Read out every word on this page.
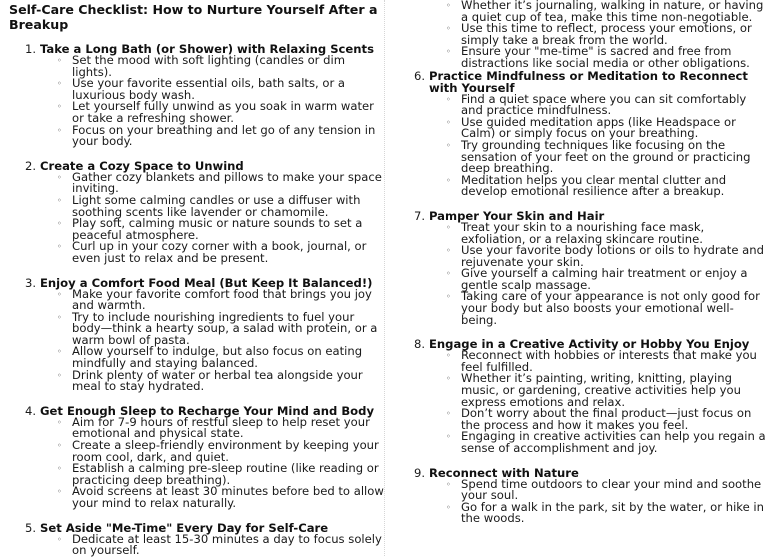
Self-Care Checklist: How to Nurture Yourself After a Breakup
1. Take a Long Bath (or Shower) with Relaxing Scents
◦ Set the mood with soft lighting (candles or dim lights).
◦ Use your favorite essential oils, bath salts, or a luxurious body wash.
◦ Let yourself fully unwind as you soak in warm water or take a refreshing shower.
◦ Focus on your breathing and let go of any tension in your body.
2. Create a Cozy Space to Unwind
◦ Gather cozy blankets and pillows to make your space inviting.
◦ Light some calming candles or use a diffuser with soothing scents like lavender or chamomile.
◦ Play soft, calming music or nature sounds to set a peaceful atmosphere.
◦ Curl up in your cozy corner with a book, journal, or even just to relax and be present.
3. Enjoy a Comfort Food Meal (But Keep It Balanced!)
◦ Make your favorite comfort food that brings you joy and warmth.
◦ Try to include nourishing ingredients to fuel your body—think a hearty soup, a salad with protein, or a warm bowl of pasta.
◦ Allow yourself to indulge, but also focus on eating mindfully and staying balanced.
◦ Drink plenty of water or herbal tea alongside your meal to stay hydrated.
4. Get Enough Sleep to Recharge Your Mind and Body
◦ Aim for 7-9 hours of restful sleep to help reset your emotional and physical state.
◦ Create a sleep-friendly environment by keeping your room cool, dark, and quiet.
◦ Establish a calming pre-sleep routine (like reading or practicing deep breathing).
◦ Avoid screens at least 30 minutes before bed to allow your mind to relax naturally.
5. Set Aside "Me-Time" Every Day for Self-Care
◦ Dedicate at least 15-30 minutes a day to focus solely on yourself.
◦ Whether it’s journaling, walking in nature, or having a quiet cup of tea, make this time non-negotiable.
◦ Use this time to reflect, process your emotions, or simply take a break from the world.
◦ Ensure your "me-time" is sacred and free from distractions like social media or other obligations.
6. Practice Mindfulness or Meditation to Reconnect with Yourself
◦ Find a quiet space where you can sit comfortably and practice mindfulness.
◦ Use guided meditation apps (like Headspace or Calm) or simply focus on your breathing.
◦ Try grounding techniques like focusing on the sensation of your feet on the ground or practicing deep breathing.
◦ Meditation helps you clear mental clutter and develop emotional resilience after a breakup.
7. Pamper Your Skin and Hair
◦ Treat your skin to a nourishing face mask, exfoliation, or a relaxing skincare routine.
◦ Use your favorite body lotions or oils to hydrate and rejuvenate your skin.
◦ Give yourself a calming hair treatment or enjoy a gentle scalp massage.
◦ Taking care of your appearance is not only good for your body but also boosts your emotional well-being.
8. Engage in a Creative Activity or Hobby You Enjoy
◦ Reconnect with hobbies or interests that make you feel fulfilled.
◦ Whether it’s painting, writing, knitting, playing music, or gardening, creative activities help you express emotions and relax.
◦ Don’t worry about the final product—just focus on the process and how it makes you feel.
◦ Engaging in creative activities can help you regain a sense of accomplishment and joy.
9. Reconnect with Nature
◦ Spend time outdoors to clear your mind and soothe your soul.
◦ Go for a walk in the park, sit by the water, or hike in the woods.
